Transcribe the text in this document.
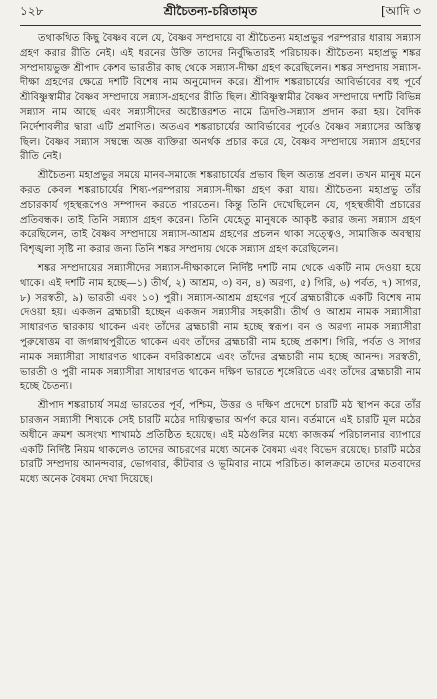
১২৮	শ্রীচৈতন্য-চরিতামৃত	[আদি ৩

তথাকথিত কিছু বৈষ্ণব বলে যে, বৈষ্ণব সম্প্রদায়ে বা শ্রীচৈতন্য মহাপ্রভুর পরম্পরার ধারায় সন্ন্যাস গ্রহণ করার রীতি নেই। এই ধরনের উক্তি তাদের নির্বুদ্ধিতারই পরিচায়ক। শ্রীচৈতন্য মহাপ্রভু শঙ্কর সম্প্রদায়ভুক্ত শ্রীপাদ কেশব ভারতীর কাছ থেকে সন্ন্যাস-দীক্ষা গ্রহণ করেছিলেন। শঙ্কর সম্প্রদায় সন্ন্যাস-দীক্ষা গ্রহণের ক্ষেত্রে দশটি বিশেষ নাম অনুমোদন করে। শ্রীপাদ শঙ্করাচার্যের আবির্ভাবের বহু পূর্বে শ্রীবিষ্ণুস্বামীর বৈষ্ণব সম্প্রদায়ে সন্ন্যাস-গ্রহণের রীতি ছিল। শ্রীবিষ্ণুস্বামীর বৈষ্ণব সম্প্রদায়ে দশটি বিভিন্ন সন্ন্যাস নাম আছে এবং সন্ন্যাসীদের অষ্টোত্তরশত নামে ত্রিদণ্ডি-সন্ন্যাস প্রদান করা হয়। বৈদিক নির্দেশাবলীর দ্বারা এটি প্রমাণিত। অতএব শঙ্করাচার্যের আবির্ভাবের পূর্বেও বৈষ্ণব সন্ন্যাসের অস্তিত্ব ছিল। বৈষ্ণব সন্ন্যাস সম্বন্ধে অজ্ঞ ব্যক্তিরা অনর্থক প্রচার করে যে, বৈষ্ণব সম্প্রদায়ে সন্ন্যাস গ্রহণের রীতি নেই।

শ্রীচৈতন্য মহাপ্রভুর সময়ে মানব-সমাজে শঙ্করাচার্যের প্রভাব ছিল অত্যন্ত প্রবল। তখন মানুষ মনে করত কেবল শঙ্করাচার্যের শিষ্য-পরম্পরায় সন্ন্যাস-দীক্ষা গ্রহণ করা যায়। শ্রীচৈতন্য মহাপ্রভু তাঁর প্রচারকার্য গৃহস্থরূপেও সম্পাদন করতে পারতেন। কিন্তু তিনি দেখেছিলেন যে, গৃহস্থজীবী প্রচারের প্রতিবন্ধক। তাই তিনি সন্ন্যাস গ্রহণ করেন। তিনি যেহেতু মানুষকে আকৃষ্ট করার জন্য সন্ন্যাস গ্রহণ করেছিলেন, তাই বৈষ্ণব সম্প্রদায়ে সন্ন্যাস-আশ্রম গ্রহণের প্রচলন থাকা সত্ত্বেও, সামাজিক অবস্থায় বিশৃঙ্খলা সৃষ্টি না করার জন্য তিনি শঙ্কর সম্প্রদায় থেকে সন্ন্যাস গ্রহণ করেছিলেন।

শঙ্কর সম্প্রদায়ের সন্ন্যাসীদের সন্ন্যাস-দীক্ষাকালে নির্দিষ্ট দশটি নাম থেকে একটি নাম দেওয়া হয়ে থাকে। এই দশটি নাম হচ্ছে—১) তীর্থ, ২) আশ্রম, ৩) বন, ৪) অরণ্য, ৫) গিরি, ৬) পর্বত, ৭) সাগর, ৮) সরস্বতী, ৯) ভারতী এবং ১০) পুরী। সন্ন্যাস-আশ্রম গ্রহণের পূর্বে ব্রহ্মচারীকে একটি বিশেষ নাম দেওয়া হয়। একজন ব্রহ্মচারী হচ্ছেন একজন সন্ন্যাসীর সহকারী। তীর্থ ও আশ্রম নামক সন্ন্যাসীরা সাধারণত দ্বারকায় থাকেন এবং তাঁদের ব্রহ্মচারী নাম হচ্ছে স্বরূপ। বন ও অরণ্য নামক সন্ন্যাসীরা পুরুষোত্তম বা জগন্নাথপুরীতে থাকেন এবং তাঁদের ব্রহ্মচারী নাম হচ্ছে প্রকাশ। গিরি, পর্বত ও সাগর নামক সন্ন্যাসীরা সাধারণত থাকেন বদরিকাশ্রমে এবং তাঁদের ব্রহ্মচারী নাম হচ্ছে আনন্দ। সরস্বতী, ভারতী ও পুরী নামক সন্ন্যাসীরা সাধারণত থাকেন দক্ষিণ ভারতে শৃঙ্গেরিতে এবং তাঁদের ব্রহ্মচারী নাম হচ্ছে চৈতন্য।

শ্রীপাদ শঙ্করাচার্য সমগ্র ভারতের পূর্ব, পশ্চিম, উত্তর ও দক্ষিণ প্রদেশে চারটি মঠ স্থাপন করে তাঁর চারজন সন্ন্যাসী শিষ্যকে সেই চারটি মঠের দায়িত্বভার অর্পণ করে যান। বর্তমানে এই চারটি মূল মঠের অধীনে ক্রমশ অসংখ্য শাখামঠ প্রতিষ্ঠিত হয়েছে। এই মঠগুলির মধ্যে কাজকর্ম পরিচালনার ব্যাপারে একটি নির্দিষ্ট নিয়ম থাকলেও তাদের আচরণের মধ্যে অনেক বৈষম্য এবং বিভেদ রয়েছে। চারটি মঠের চারটি সম্প্রদায় আনন্দবার, ভোগবার, কীটবার ও ভূমিবার নামে পরিচিত। কালক্রমে তাদের মতবাদের মধ্যে অনেক বৈষম্য দেখা দিয়েছে।
